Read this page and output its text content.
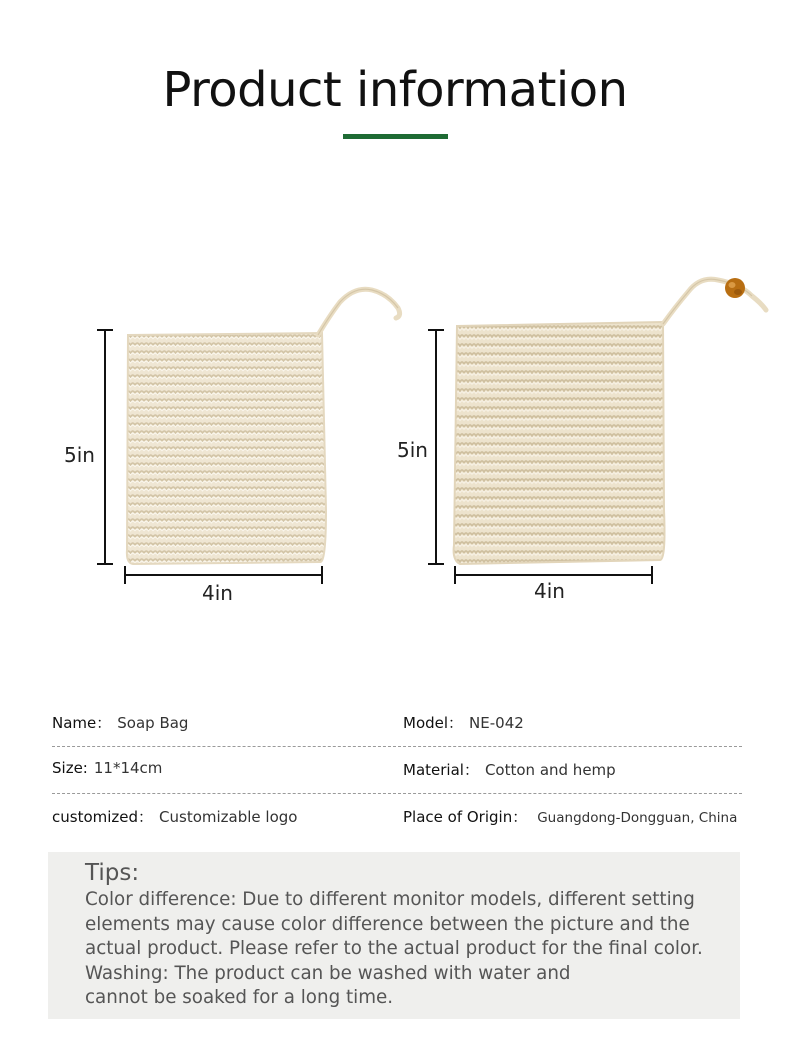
Product information
5in
4in
5in
4in
Name： Soap Bag	Model： NE-042
Size: 11*14cm	Material： Cotton and hemp
customized： Customizable logo	Place of Origin： Guangdong-Dongguan, China
Tips:
Color difference: Due to different monitor models, different setting
elements may cause color difference between the picture and the
actual product. Please refer to the actual product for the final color.
Washing: The product can be washed with water and
cannot be soaked for a long time.
